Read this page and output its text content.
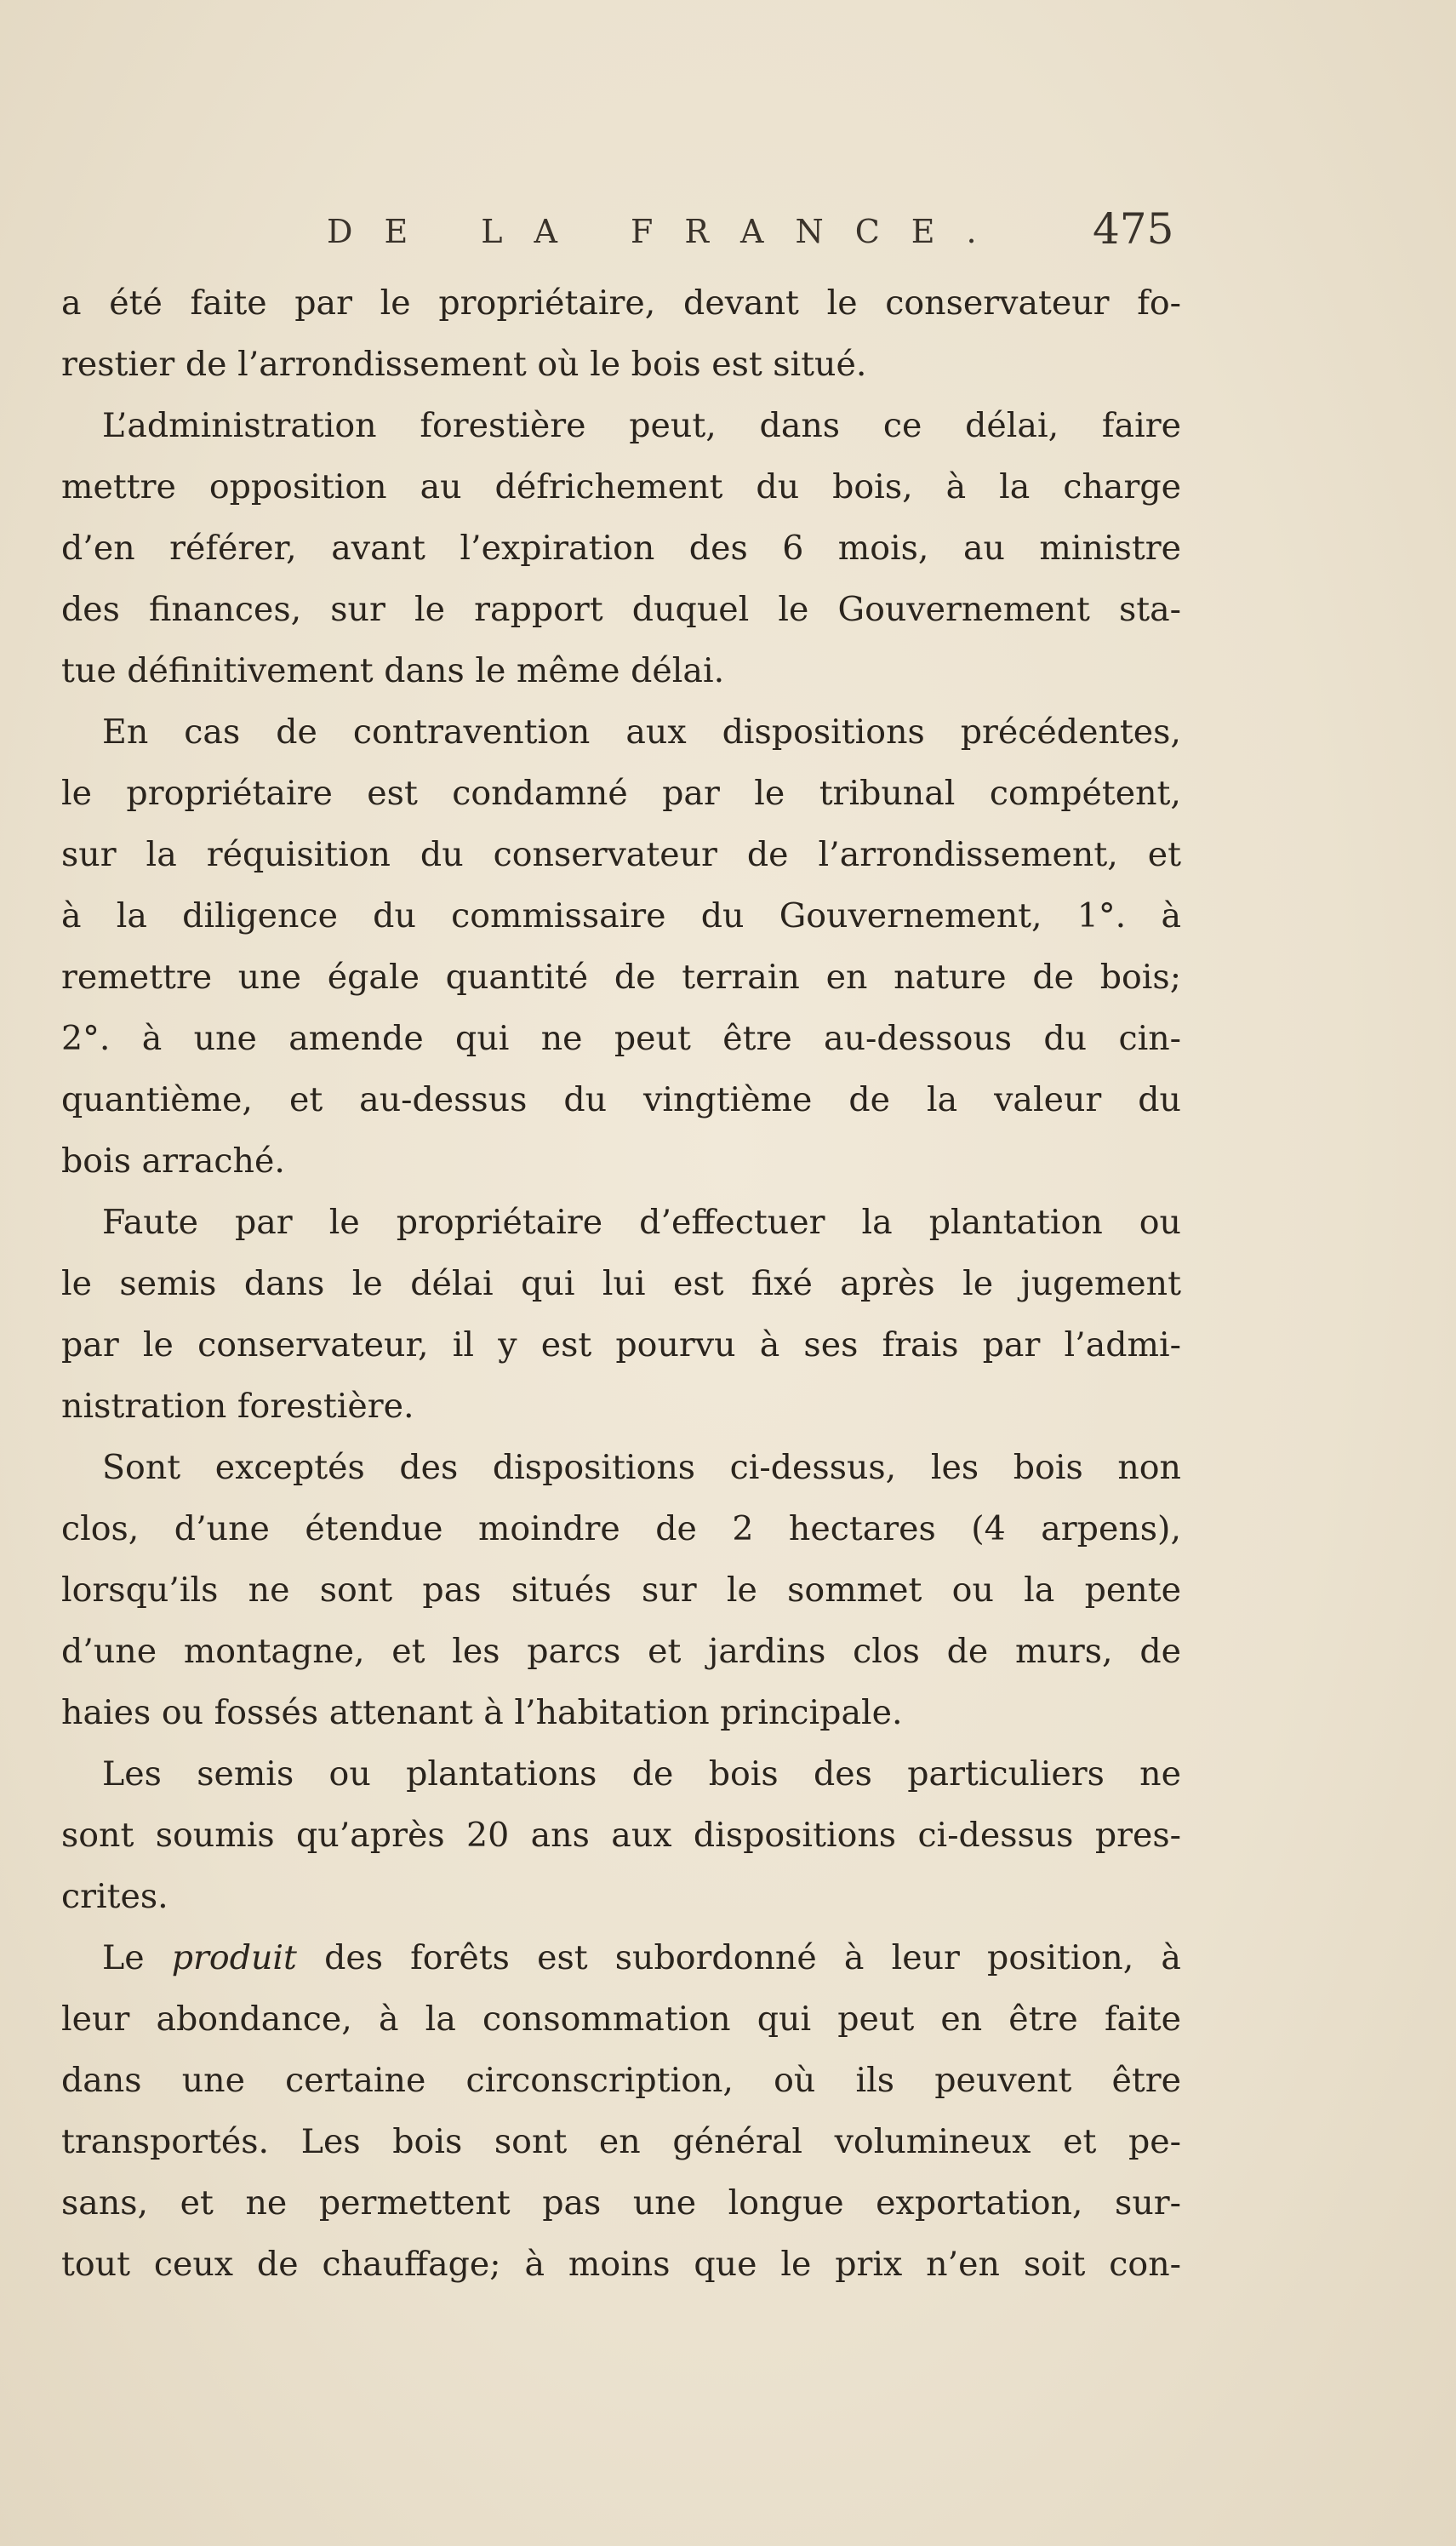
DE LA FRANCE. 475
a été faite par le propriétaire, devant le conservateur fo-
restier de l’arrondissement où le bois est situé.
L’administration forestière peut, dans ce délai, faire
mettre opposition au défrichement du bois, à la charge
d’en référer, avant l’expiration des 6 mois, au ministre
des finances, sur le rapport duquel le Gouvernement sta-
tue définitivement dans le même délai.
En cas de contravention aux dispositions précédentes,
le propriétaire est condamné par le tribunal compétent,
sur la réquisition du conservateur de l’arrondissement, et
à la diligence du commissaire du Gouvernement, 1°. à
remettre une égale quantité de terrain en nature de bois;
2°. à une amende qui ne peut être au-dessous du cin-
quantième, et au-dessus du vingtième de la valeur du
bois arraché.
Faute par le propriétaire d’effectuer la plantation ou
le semis dans le délai qui lui est fixé après le jugement
par le conservateur, il y est pourvu à ses frais par l’admi-
nistration forestière.
Sont exceptés des dispositions ci-dessus, les bois non
clos, d’une étendue moindre de 2 hectares (4 arpens),
lorsqu’ils ne sont pas situés sur le sommet ou la pente
d’une montagne, et les parcs et jardins clos de murs, de
haies ou fossés attenant à l’habitation principale.
Les semis ou plantations de bois des particuliers ne
sont soumis qu’après 20 ans aux dispositions ci-dessus pres-
crites.
Le produit des forêts est subordonné à leur position, à
leur abondance, à la consommation qui peut en être faite
dans une certaine circonscription, où ils peuvent être
transportés. Les bois sont en général volumineux et pe-
sans, et ne permettent pas une longue exportation, sur-
tout ceux de chauffage; à moins que le prix n’en soit con-
